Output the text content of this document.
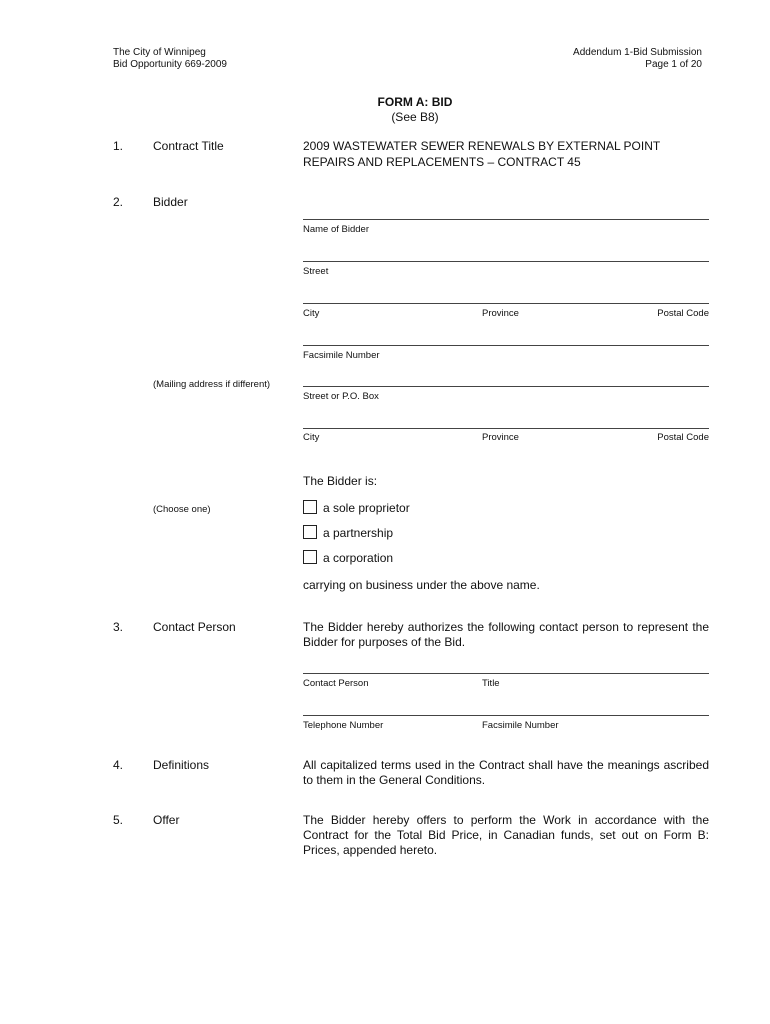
The City of Winnipeg
Bid Opportunity 669-2009
Addendum 1-Bid Submission
Page 1 of 20
FORM A: BID
(See B8)
1. Contract Title	2009 WASTEWATER SEWER RENEWALS BY EXTERNAL POINT
REPAIRS AND REPLACEMENTS – CONTRACT 45
2. Bidder
Name of Bidder
Street
City	Province	Postal Code
Facsimile Number
(Mailing address if different)
Street or P.O. Box
City	Province	Postal Code
The Bidder is:
(Choose one)	a sole proprietor
a partnership
a corporation
carrying on business under the above name.
3. Contact Person	The Bidder hereby authorizes the following contact person to represent the Bidder for purposes of the Bid.
Contact Person	Title
Telephone Number	Facsimile Number
4. Definitions	All capitalized terms used in the Contract shall have the meanings ascribed to them in the General Conditions.
5. Offer	The Bidder hereby offers to perform the Work in accordance with the Contract for the Total Bid Price, in Canadian funds, set out on Form B: Prices, appended hereto.
